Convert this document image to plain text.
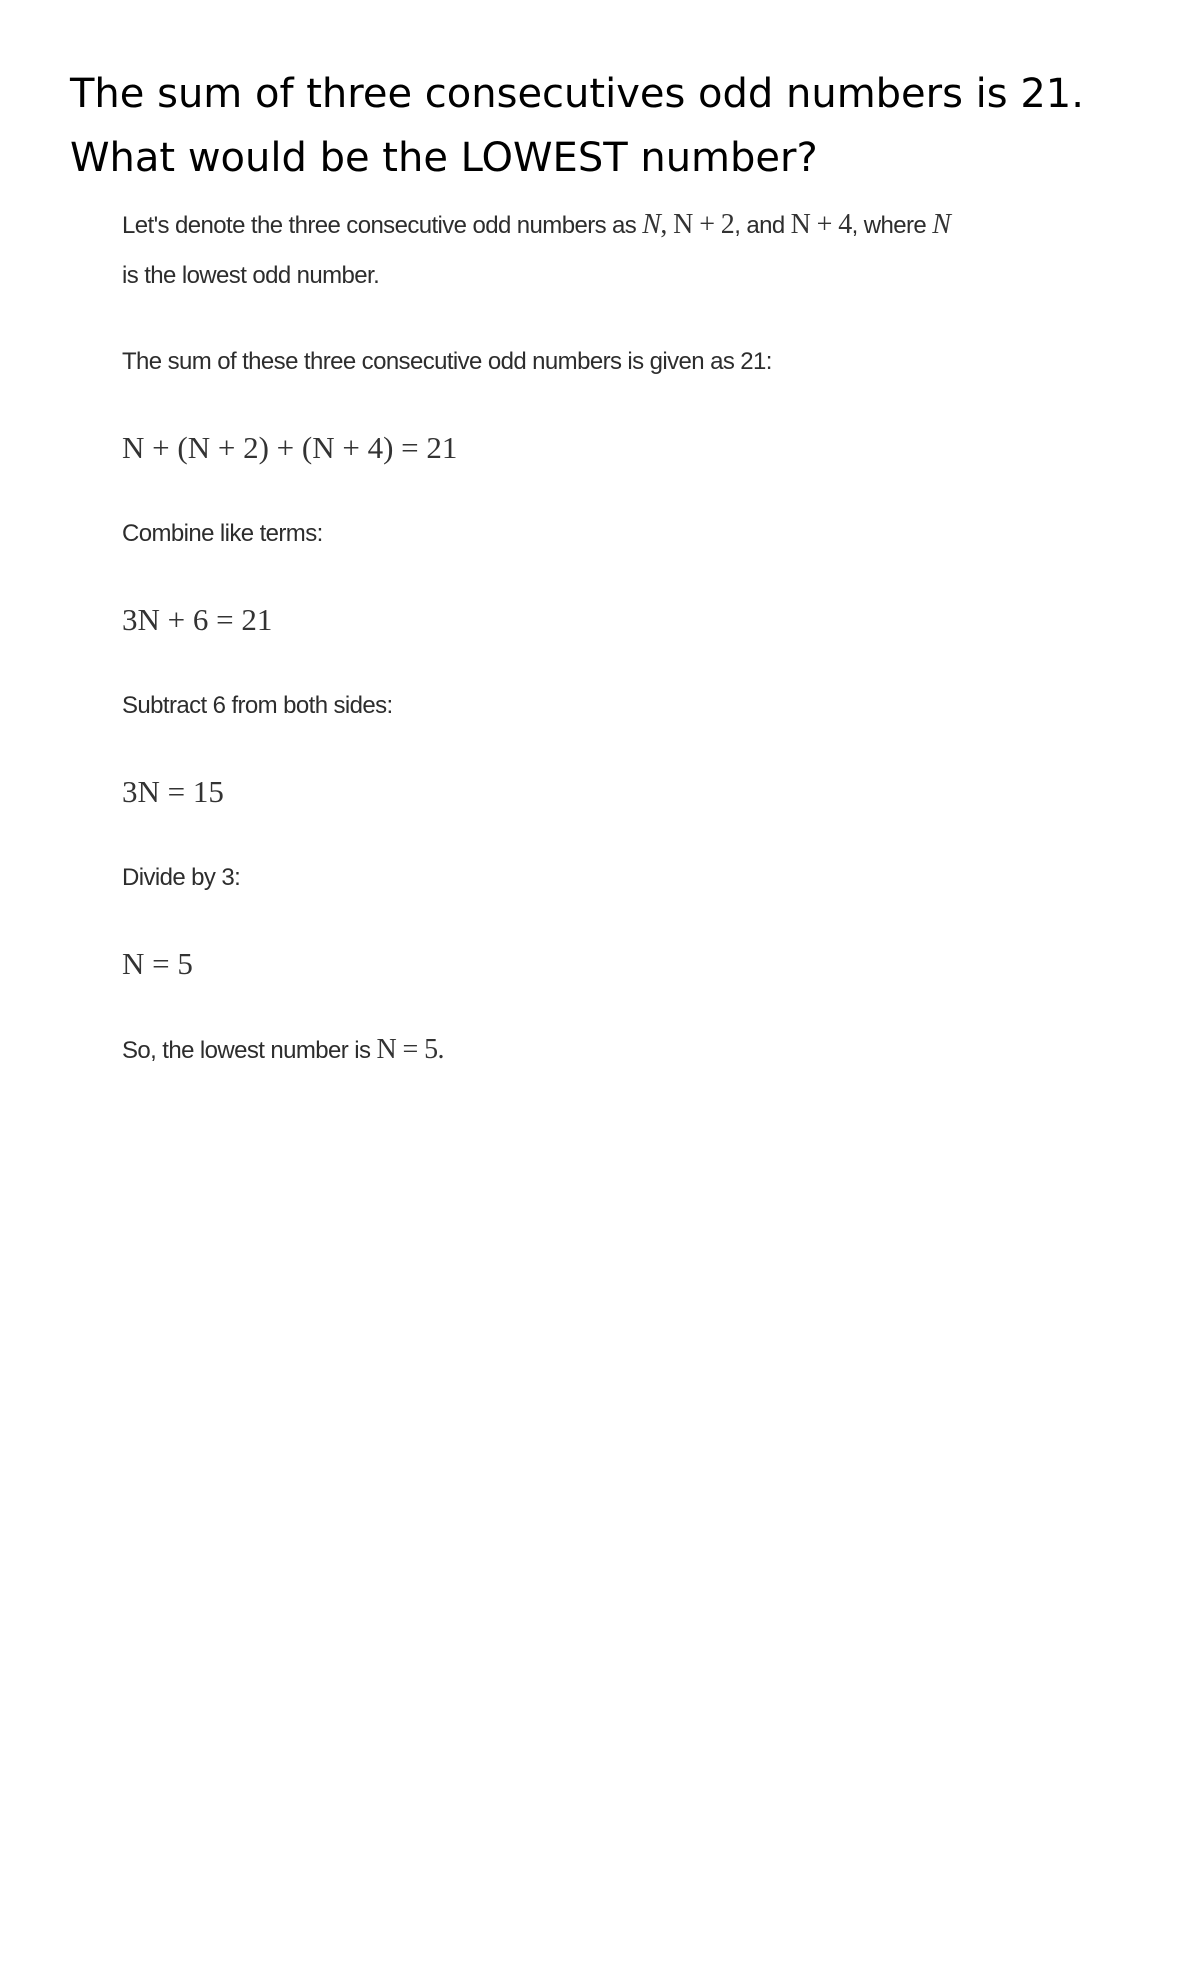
The sum of three consecutives odd numbers is 21.
What would be the LOWEST number?

Let's denote the three consecutive odd numbers as N, N + 2, and N + 4, where N
is the lowest odd number.

The sum of these three consecutive odd numbers is given as 21:

N + (N + 2) + (N + 4) = 21

Combine like terms:

3N + 6 = 21

Subtract 6 from both sides:

3N = 15

Divide by 3:

N = 5

So, the lowest number is N = 5.
